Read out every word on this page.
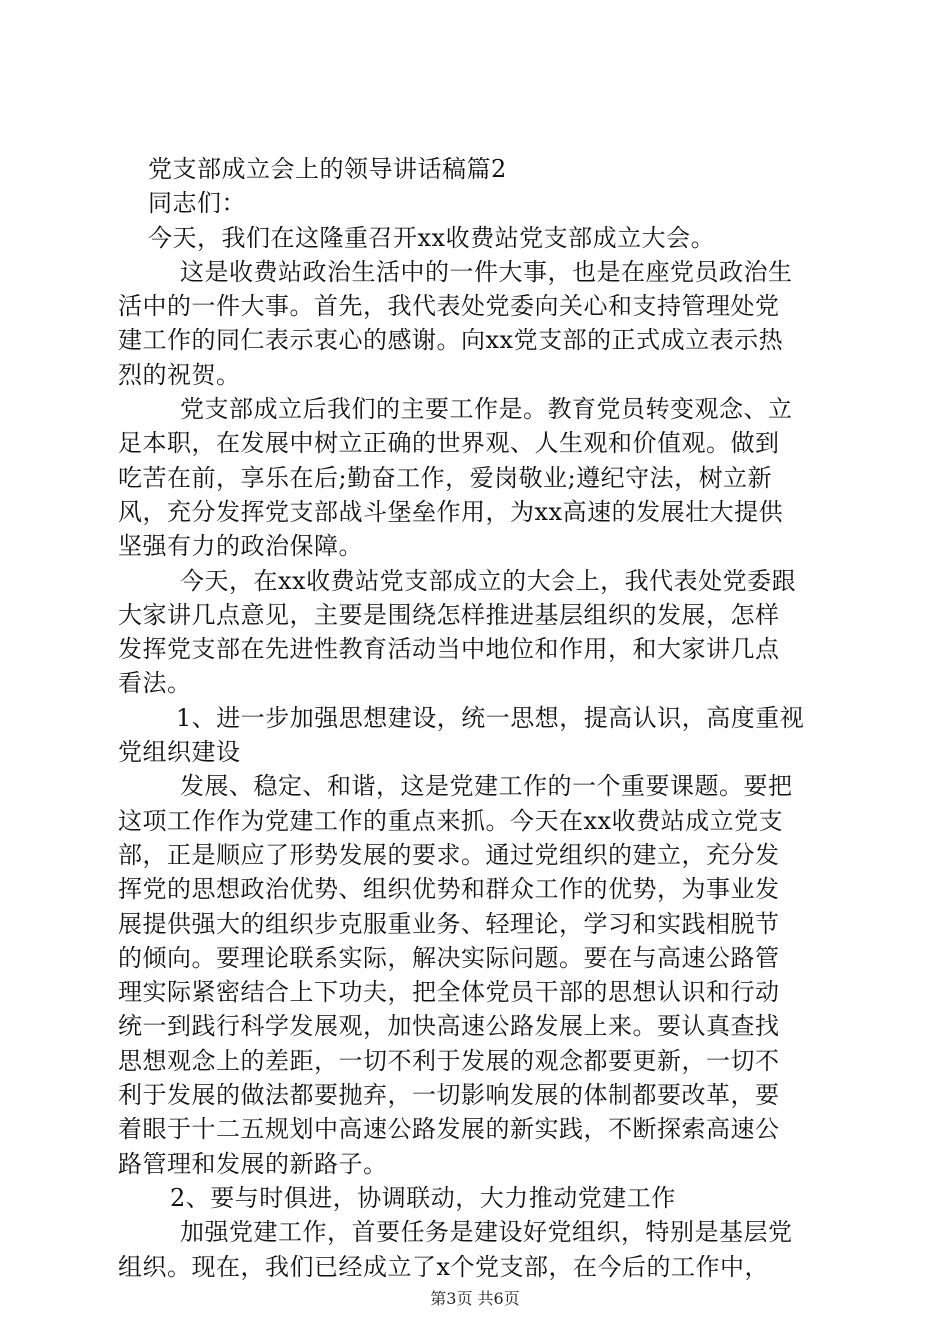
党支部成立会上的领导讲话稿篇2
同志们：
今天，我们在这隆重召开xx收费站党支部成立大会。
这是收费站政治生活中的一件大事，也是在座党员政治生
活中的一件大事。首先，我代表处党委向关心和支持管理处党
建工作的同仁表示衷心的感谢。向xx党支部的正式成立表示热
烈的祝贺。
党支部成立后我们的主要工作是。教育党员转变观念、立
足本职，在发展中树立正确的世界观、人生观和价值观。做到
吃苦在前，享乐在后;勤奋工作，爱岗敬业;遵纪守法，树立新
风，充分发挥党支部战斗堡垒作用，为xx高速的发展壮大提供
坚强有力的政治保障。
今天，在xx收费站党支部成立的大会上，我代表处党委跟
大家讲几点意见，主要是围绕怎样推进基层组织的发展，怎样
发挥党支部在先进性教育活动当中地位和作用，和大家讲几点
看法。
1、进一步加强思想建设，统一思想，提高认识，高度重视
党组织建设
发展、稳定、和谐，这是党建工作的一个重要课题。要把
这项工作作为党建工作的重点来抓。今天在xx收费站成立党支
部，正是顺应了形势发展的要求。通过党组织的建立，充分发
挥党的思想政治优势、组织优势和群众工作的优势，为事业发
展提供强大的组织步克服重业务、轻理论，学习和实践相脱节
的倾向。要理论联系实际，解决实际问题。要在与高速公路管
理实际紧密结合上下功夫，把全体党员干部的思想认识和行动
统一到践行科学发展观，加快高速公路发展上来。要认真查找
思想观念上的差距，一切不利于发展的观念都要更新，一切不
利于发展的做法都要抛弃，一切影响发展的体制都要改革，要
着眼于十二五规划中高速公路发展的新实践，不断探索高速公
路管理和发展的新路子。
2、要与时俱进，协调联动，大力推动党建工作
加强党建工作，首要任务是建设好党组织，特别是基层党
组织。现在，我们已经成立了x个党支部，在今后的工作中，
第3页 共6页
